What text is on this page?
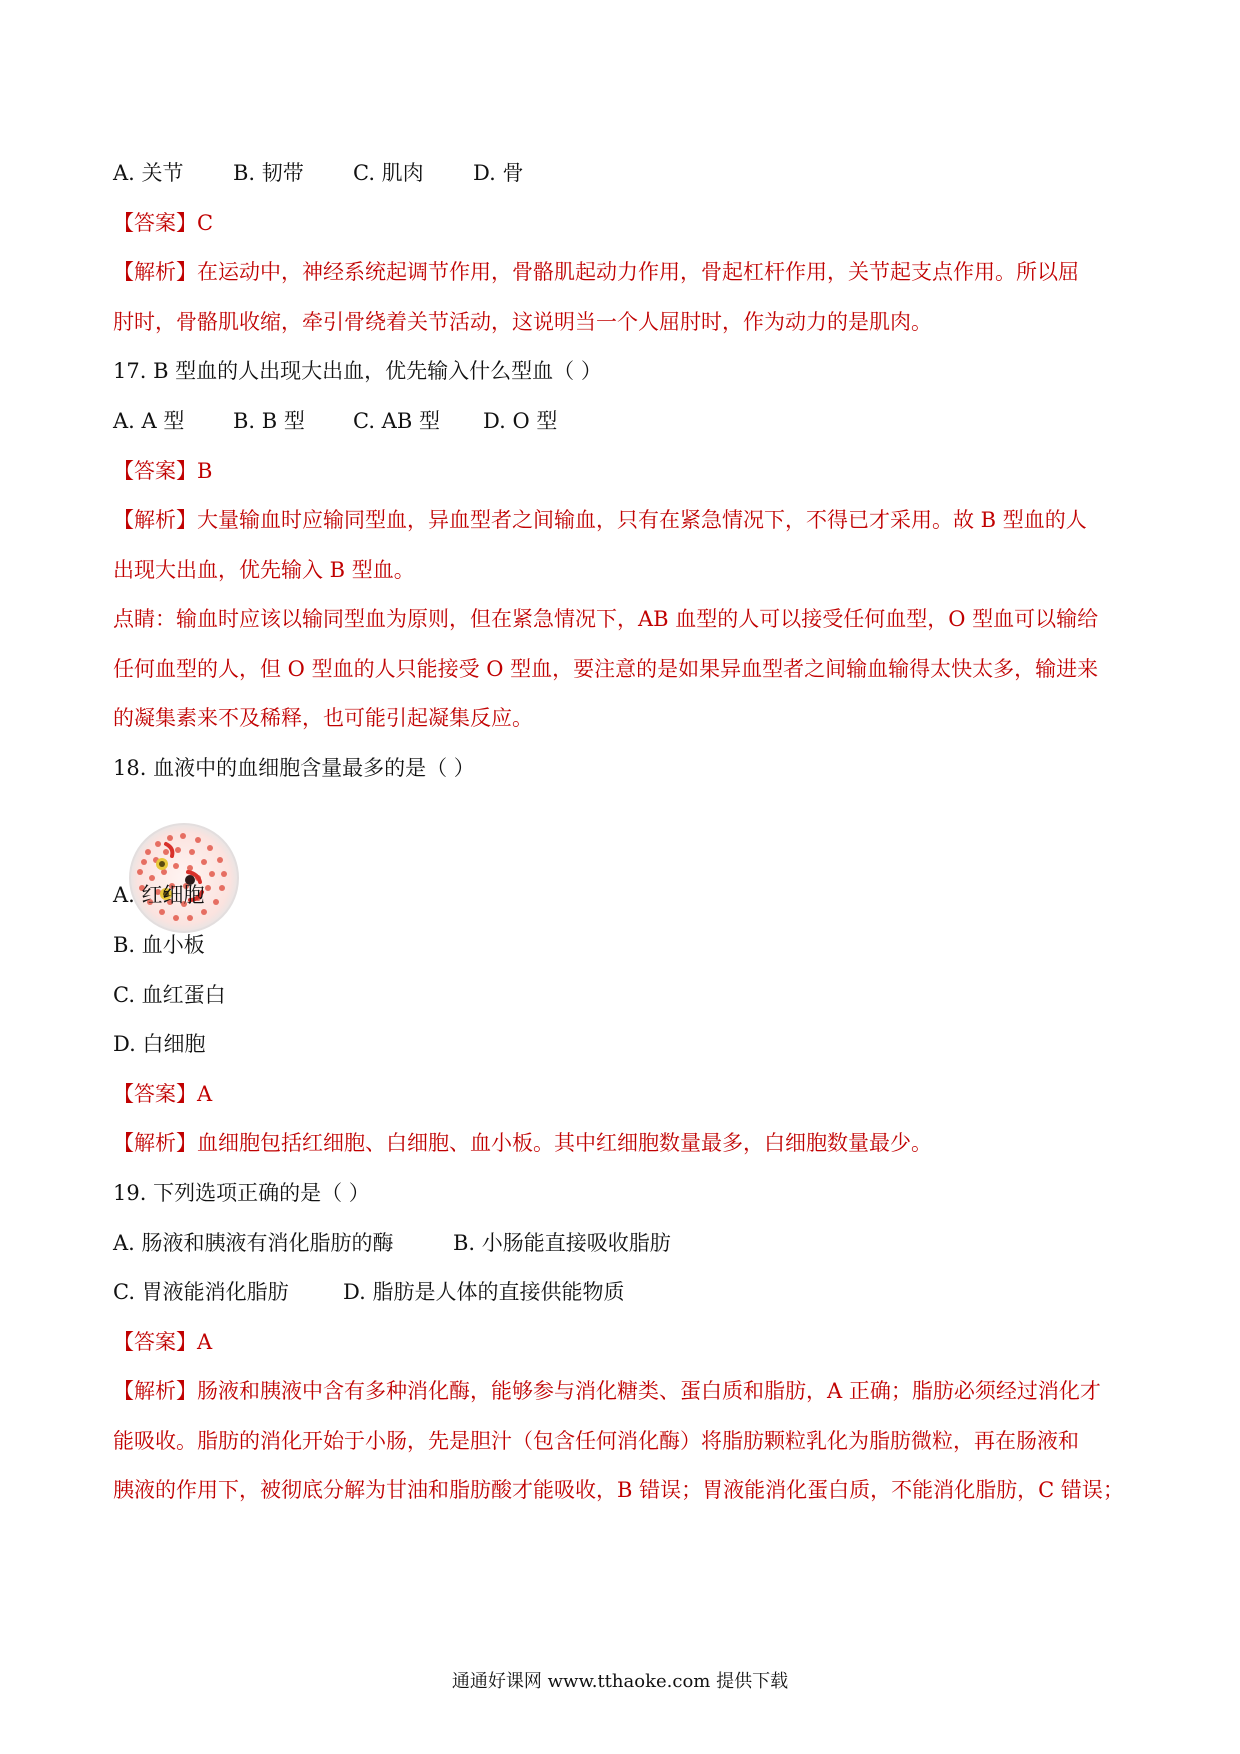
A. 关节 B. 韧带 C. 肌肉 D. 骨
【答案】C
【解析】在运动中，神经系统起调节作用，骨骼肌起动力作用，骨起杠杆作用，关节起支点作用。所以屈
肘时，骨骼肌收缩，牵引骨绕着关节活动，这说明当一个人屈肘时，作为动力的是肌肉。
17. B 型血的人出现大出血，优先输入什么型血（ ）
A. A 型 B. B 型 C. AB 型 D. O 型
【答案】B
【解析】大量输血时应输同型血，异血型者之间输血，只有在紧急情况下，不得已才采用。故 B 型血的人
出现大出血，优先输入 B 型血。
点睛：输血时应该以输同型血为原则，但在紧急情况下，AB 血型的人可以接受任何血型，O 型血可以输给
任何血型的人，但 O 型血的人只能接受 O 型血，要注意的是如果异血型者之间输血输得太快太多，输进来
的凝集素来不及稀释，也可能引起凝集反应。
18. 血液中的血细胞含量最多的是（ ）
A. 红细胞
B. 血小板
C. 血红蛋白
D. 白细胞
【答案】A
【解析】血细胞包括红细胞、白细胞、血小板。其中红细胞数量最多，白细胞数量最少。
19. 下列选项正确的是（ ）
A. 肠液和胰液有消化脂肪的酶	B. 小肠能直接吸收脂肪
C. 胃液能消化脂肪	D. 脂肪是人体的直接供能物质
【答案】A
【解析】肠液和胰液中含有多种消化酶，能够参与消化糖类、蛋白质和脂肪，A 正确；脂肪必须经过消化才
能吸收。脂肪的消化开始于小肠，先是胆汁（包含任何消化酶）将脂肪颗粒乳化为脂肪微粒，再在肠液和
胰液的作用下，被彻底分解为甘油和脂肪酸才能吸收，B 错误；胃液能消化蛋白质，不能消化脂肪，C 错误；
通通好课网 www.tthaoke.com 提供下载
